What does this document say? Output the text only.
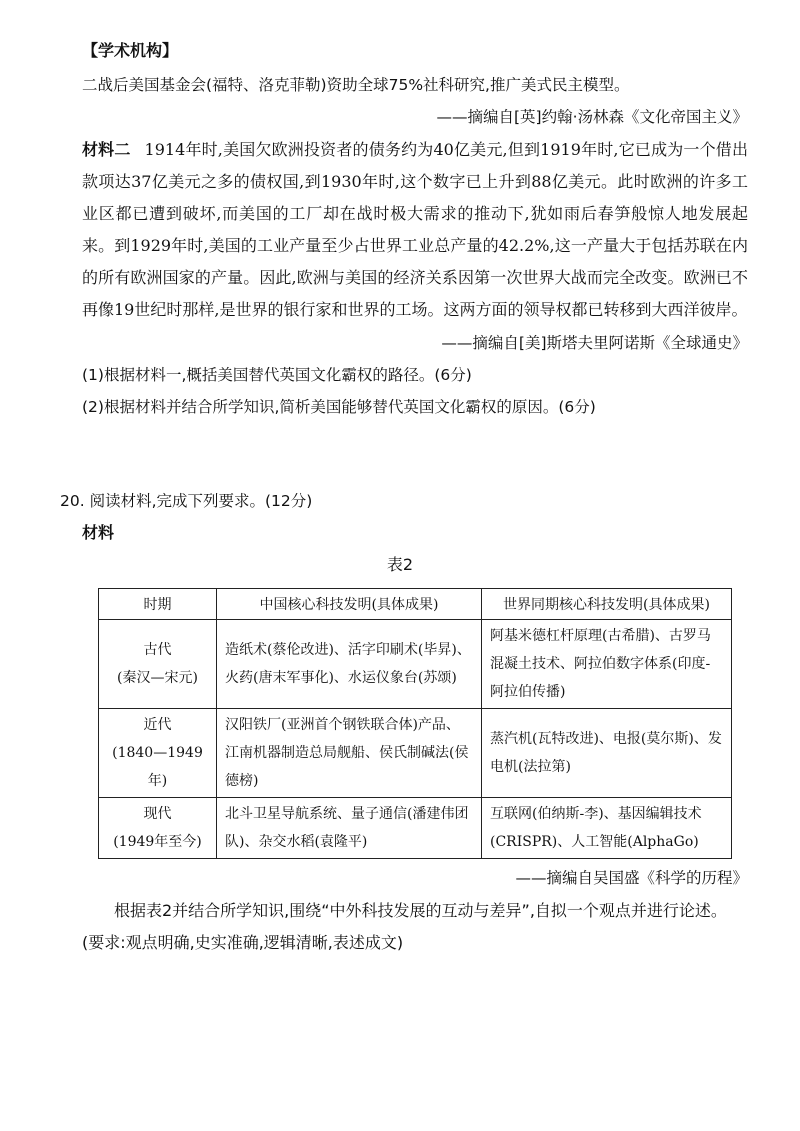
【学术机构】
二战后美国基金会(福特、洛克菲勒)资助全球75%社科研究,推广美式民主模型。
——摘编自[英]约翰·汤林森《文化帝国主义》
材料二 1914年时,美国欠欧洲投资者的债务约为40亿美元,但到1919年时,它已成为一个借出款项达37亿美元之多的债权国,到1930年时,这个数字已上升到88亿美元。此时欧洲的许多工业区都已遭到破坏,而美国的工厂却在战时极大需求的推动下,犹如雨后春笋般惊人地发展起来。到1929年时,美国的工业产量至少占世界工业总产量的42.2%,这一产量大于包括苏联在内的所有欧洲国家的产量。因此,欧洲与美国的经济关系因第一次世界大战而完全改变。欧洲已不再像19世纪时那样,是世界的银行家和世界的工场。这两方面的领导权都已转移到大西洋彼岸。
——摘编自[美]斯塔夫里阿诺斯《全球通史》
(1)根据材料一,概括美国替代英国文化霸权的路径。(6分)
(2)根据材料并结合所学知识,简析美国能够替代英国文化霸权的原因。(6分)
20. 阅读材料,完成下列要求。(12分)
材料
表2
时期	中国核心科技发明(具体成果)	世界同期核心科技发明(具体成果)

古代
(秦汉—宋元)	造纸术(蔡伦改进)、活字印刷术(毕昇)、火药(唐末军事化)、水运仪象台(苏颂)	阿基米德杠杆原理(古希腊)、古罗马混凝土技术、阿拉伯数字体系(印度-阿拉伯传播)

近代
(1840—1949年)	汉阳铁厂(亚洲首个钢铁联合体)产品、江南机器制造总局舰船、侯氏制碱法(侯德榜)	蒸汽机(瓦特改进)、电报(莫尔斯)、发电机(法拉第)

现代
(1949年至今)	北斗卫星导航系统、量子通信(潘建伟团队)、杂交水稻(袁隆平)	互联网(伯纳斯-李)、基因编辑技术(CRISPR)、人工智能(AlphaGo)
——摘编自吴国盛《科学的历程》
根据表2并结合所学知识,围绕“中外科技发展的互动与差异”,自拟一个观点并进行论述。(要求:观点明确,史实准确,逻辑清晰,表述成文)
